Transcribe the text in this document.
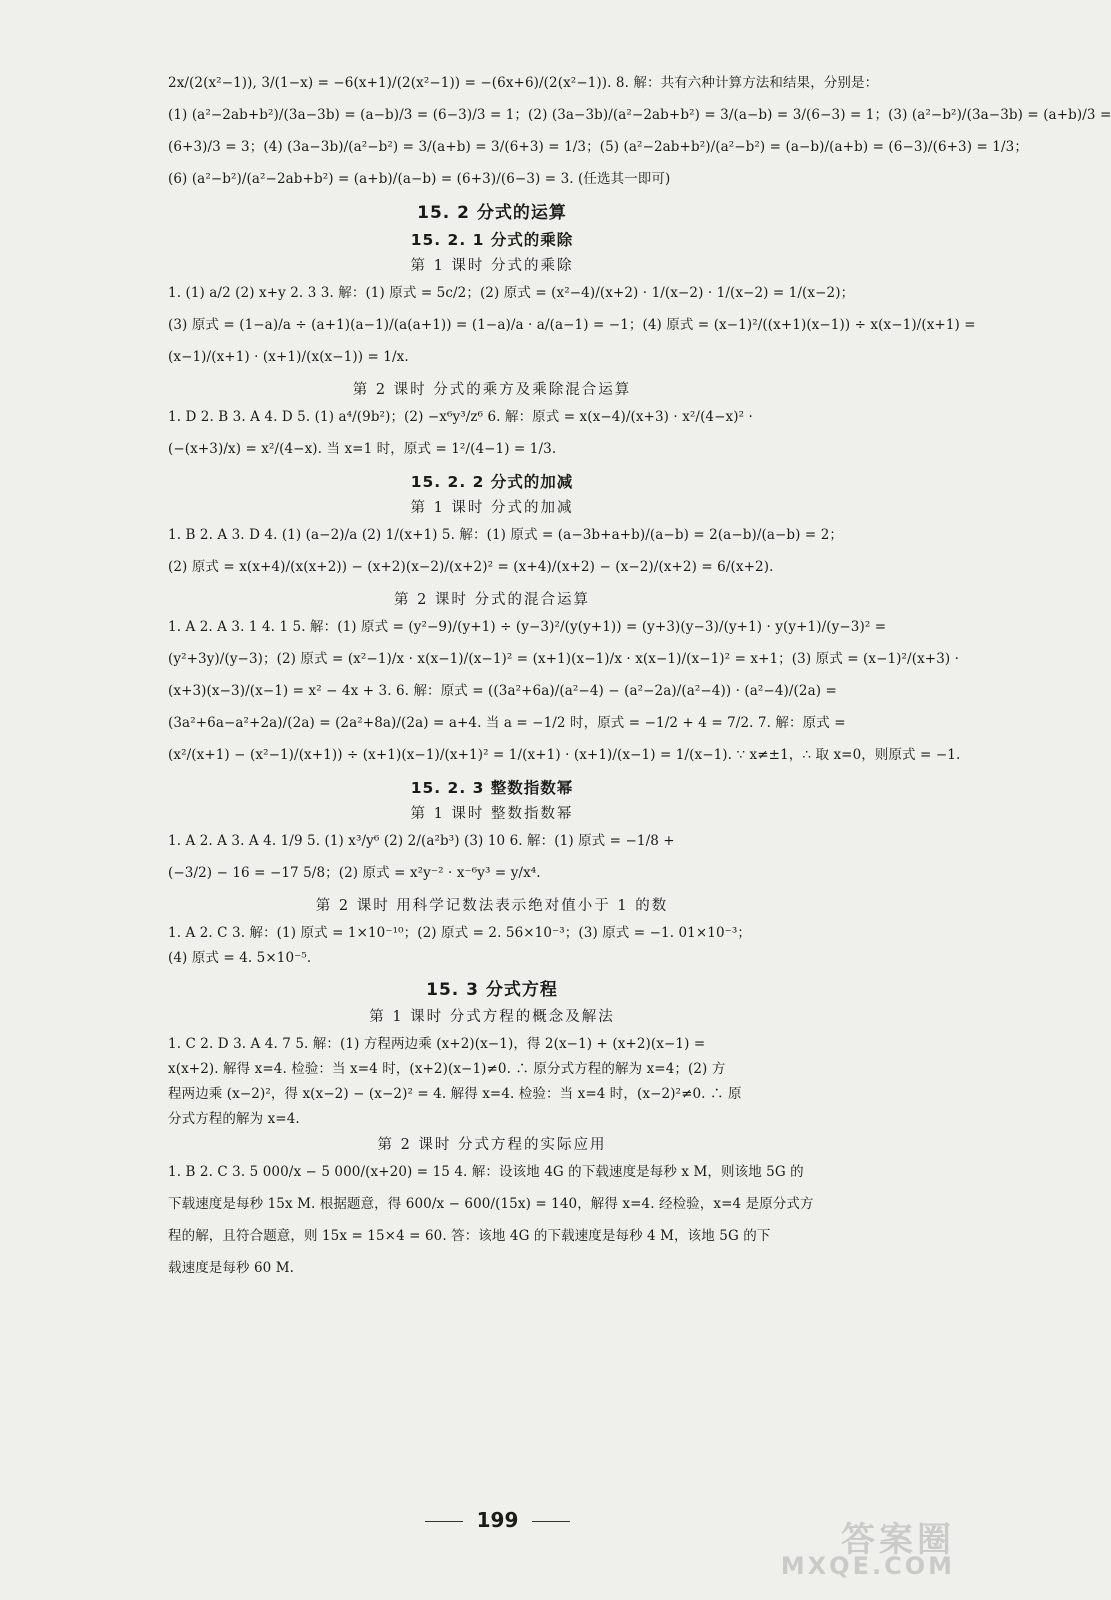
2x/(2(x²−1)), 3/(1−x) = −6(x+1)/(2(x²−1)) = −(6x+6)/(2(x²−1)). 8. 解：共有六种计算方法和结果，分别是：
(1) (a²−2ab+b²)/(3a−3b) = (a−b)/3 = (6−3)/3 = 1；(2) (3a−3b)/(a²−2ab+b²) = 3/(a−b) = 3/(6−3) = 1；(3) (a²−b²)/(3a−3b) = (a+b)/3 =
(6+3)/3 = 3；(4) (3a−3b)/(a²−b²) = 3/(a+b) = 3/(6+3) = 1/3；(5) (a²−2ab+b²)/(a²−b²) = (a−b)/(a+b) = (6−3)/(6+3) = 1/3；
(6) (a²−b²)/(a²−2ab+b²) = (a+b)/(a−b) = (6+3)/(6−3) = 3. (任选其一即可)
15. 2 分式的运算
15. 2. 1 分式的乘除
第 1 课时 分式的乘除
1. (1) a/2 (2) x+y 2. 3 3. 解：(1) 原式 = 5c/2；(2) 原式 = (x²−4)/(x+2) · 1/(x−2) · 1/(x−2) = 1/(x−2)；
(3) 原式 = (1−a)/a ÷ (a+1)(a−1)/(a(a+1)) = (1−a)/a · a/(a−1) = −1；(4) 原式 = (x−1)²/((x+1)(x−1)) ÷ x(x−1)/(x+1) =
(x−1)/(x+1) · (x+1)/(x(x−1)) = 1/x.
第 2 课时 分式的乘方及乘除混合运算
1. D 2. B 3. A 4. D 5. (1) a⁴/(9b²)；(2) −x⁶y³/z⁶ 6. 解：原式 = x(x−4)/(x+3) · x²/(4−x)² ·
(−(x+3)/x) = x²/(4−x). 当 x=1 时，原式 = 1²/(4−1) = 1/3.
15. 2. 2 分式的加减
第 1 课时 分式的加减
1. B 2. A 3. D 4. (1) (a−2)/a (2) 1/(x+1) 5. 解：(1) 原式 = (a−3b+a+b)/(a−b) = 2(a−b)/(a−b) = 2；
(2) 原式 = x(x+4)/(x(x+2)) − (x+2)(x−2)/(x+2)² = (x+4)/(x+2) − (x−2)/(x+2) = 6/(x+2).
第 2 课时 分式的混合运算
1. A 2. A 3. 1 4. 1 5. 解：(1) 原式 = (y²−9)/(y+1) ÷ (y−3)²/(y(y+1)) = (y+3)(y−3)/(y+1) · y(y+1)/(y−3)² =
(y²+3y)/(y−3)；(2) 原式 = (x²−1)/x · x(x−1)/(x−1)² = (x+1)(x−1)/x · x(x−1)/(x−1)² = x+1；(3) 原式 = (x−1)²/(x+3) ·
(x+3)(x−3)/(x−1) = x² − 4x + 3. 6. 解：原式 = ((3a²+6a)/(a²−4) − (a²−2a)/(a²−4)) · (a²−4)/(2a) =
(3a²+6a−a²+2a)/(2a) = (2a²+8a)/(2a) = a+4. 当 a = −1/2 时，原式 = −1/2 + 4 = 7/2. 7. 解：原式 =
(x²/(x+1) − (x²−1)/(x+1)) ÷ (x+1)(x−1)/(x+1)² = 1/(x+1) · (x+1)/(x−1) = 1/(x−1). ∵ x≠±1，∴ 取 x=0，则原式 = −1.
15. 2. 3 整数指数幂
第 1 课时 整数指数幂
1. A 2. A 3. A 4. 1/9 5. (1) x³/y⁶ (2) 2/(a²b³) (3) 10 6. 解：(1) 原式 = −1/8 +
(−3/2) − 16 = −17 5/8；(2) 原式 = x²y⁻² · x⁻⁶y³ = y/x⁴.
第 2 课时 用科学记数法表示绝对值小于 1 的数
1. A 2. C 3. 解：(1) 原式 = 1×10⁻¹⁰；(2) 原式 = 2. 56×10⁻³；(3) 原式 = −1. 01×10⁻³；
(4) 原式 = 4. 5×10⁻⁵.
15. 3 分式方程
第 1 课时 分式方程的概念及解法
1. C 2. D 3. A 4. 7 5. 解：(1) 方程两边乘 (x+2)(x−1)，得 2(x−1) + (x+2)(x−1) =
x(x+2). 解得 x=4. 检验：当 x=4 时，(x+2)(x−1)≠0. ∴ 原分式方程的解为 x=4；(2) 方
程两边乘 (x−2)²，得 x(x−2) − (x−2)² = 4. 解得 x=4. 检验：当 x=4 时，(x−2)²≠0. ∴ 原
分式方程的解为 x=4.
第 2 课时 分式方程的实际应用
1. B 2. C 3. 5 000/x − 5 000/(x+20) = 15 4. 解：设该地 4G 的下载速度是每秒 x M，则该地 5G 的
下载速度是每秒 15x M. 根据题意，得 600/x − 600/(15x) = 140，解得 x=4. 经检验，x=4 是原分式方
程的解，且符合题意，则 15x = 15×4 = 60. 答：该地 4G 的下载速度是每秒 4 M，该地 5G 的下
载速度是每秒 60 M.
199	答案圈
MXQE.COM
